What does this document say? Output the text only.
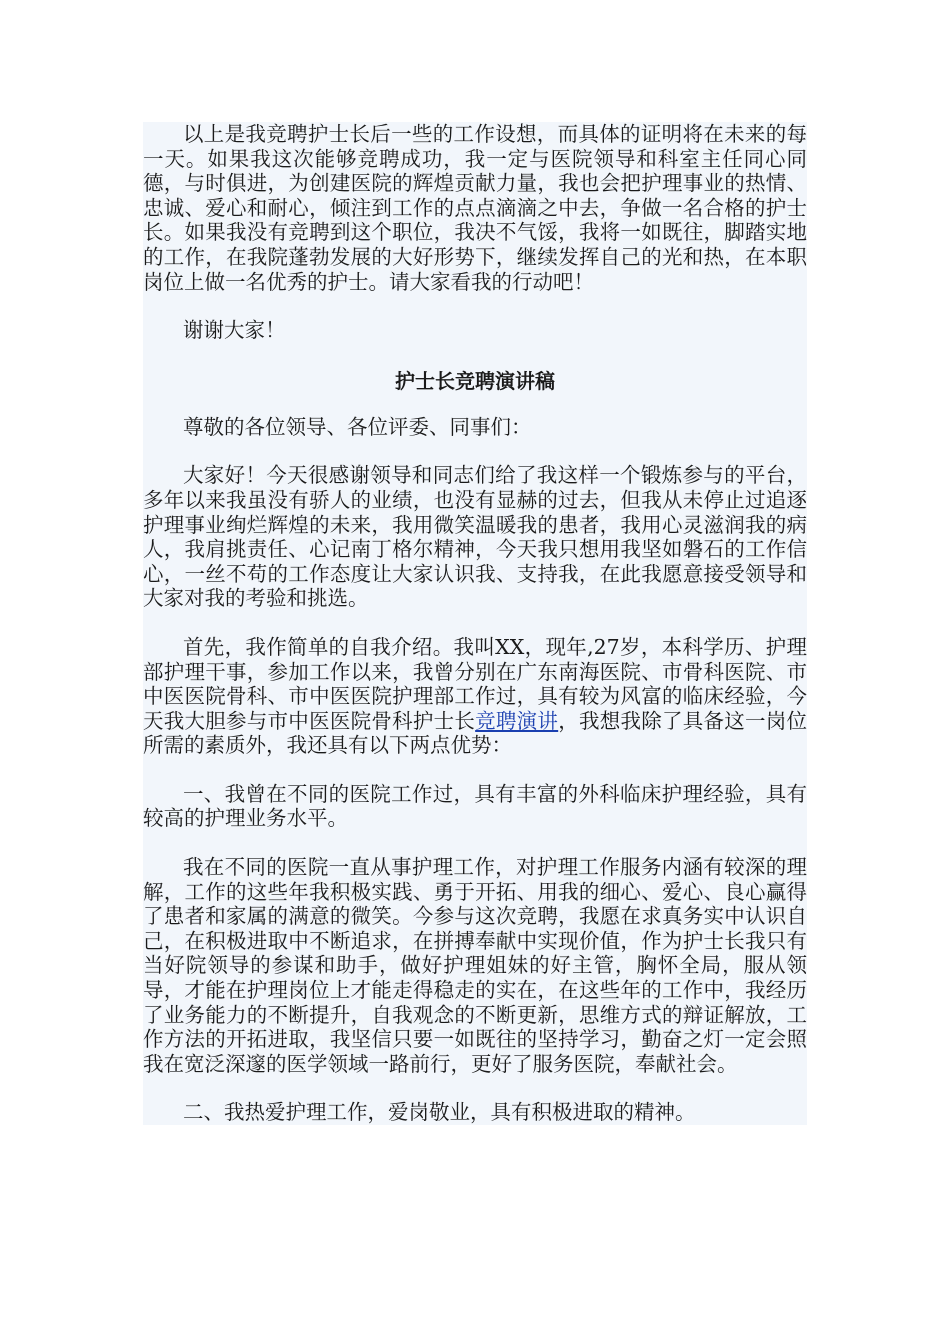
以上是我竞聘护士长后一些的工作设想，而具体的证明将在未来的每一天。如果我这次能够竞聘成功，我一定与医院领导和科室主任同心同德，与时俱进，为创建医院的辉煌贡献力量，我也会把护理事业的热情、忠诚、爱心和耐心，倾注到工作的点点滴滴之中去，争做一名合格的护士长。如果我没有竞聘到这个职位，我决不气馁，我将一如既往，脚踏实地的工作，在我院蓬勃发展的大好形势下，继续发挥自己的光和热，在本职岗位上做一名优秀的护士。请大家看我的行动吧！

谢谢大家！

护士长竞聘演讲稿

尊敬的各位领导、各位评委、同事们：

大家好！今天很感谢领导和同志们给了我这样一个锻炼参与的平台，多年以来我虽没有骄人的业绩，也没有显赫的过去，但我从未停止过追逐护理事业绚烂辉煌的未来，我用微笑温暖我的患者，我用心灵滋润我的病人，我肩挑责任、心记南丁格尔精神，今天我只想用我坚如磐石的工作信心，一丝不苟的工作态度让大家认识我、支持我，在此我愿意接受领导和大家对我的考验和挑选。

首先，我作简单的自我介绍。我叫XX，现年,27岁，本科学历、护理部护理干事，参加工作以来，我曾分别在广东南海医院、市骨科医院、市中医医院骨科、市中医医院护理部工作过，具有较为风富的临床经验，今天我大胆参与市中医医院骨科护士长竞聘演讲，我想我除了具备这一岗位所需的素质外，我还具有以下两点优势：

一、我曾在不同的医院工作过，具有丰富的外科临床护理经验，具有较高的护理业务水平。

我在不同的医院一直从事护理工作，对护理工作服务内涵有较深的理解，工作的这些年我积极实践、勇于开拓、用我的细心、爱心、良心赢得了患者和家属的满意的微笑。今参与这次竞聘，我愿在求真务实中认识自己，在积极进取中不断追求，在拼搏奉献中实现价值，作为护士长我只有当好院领导的参谋和助手，做好护理姐妹的好主管，胸怀全局，服从领导，才能在护理岗位上才能走得稳走的实在，在这些年的工作中，我经历了业务能力的不断提升，自我观念的不断更新，思维方式的辩证解放，工作方法的开拓进取，我坚信只要一如既往的坚持学习，勤奋之灯一定会照我在宽泛深邃的医学领域一路前行，更好了服务医院，奉献社会。

二、我热爱护理工作，爱岗敬业，具有积极进取的精神。
